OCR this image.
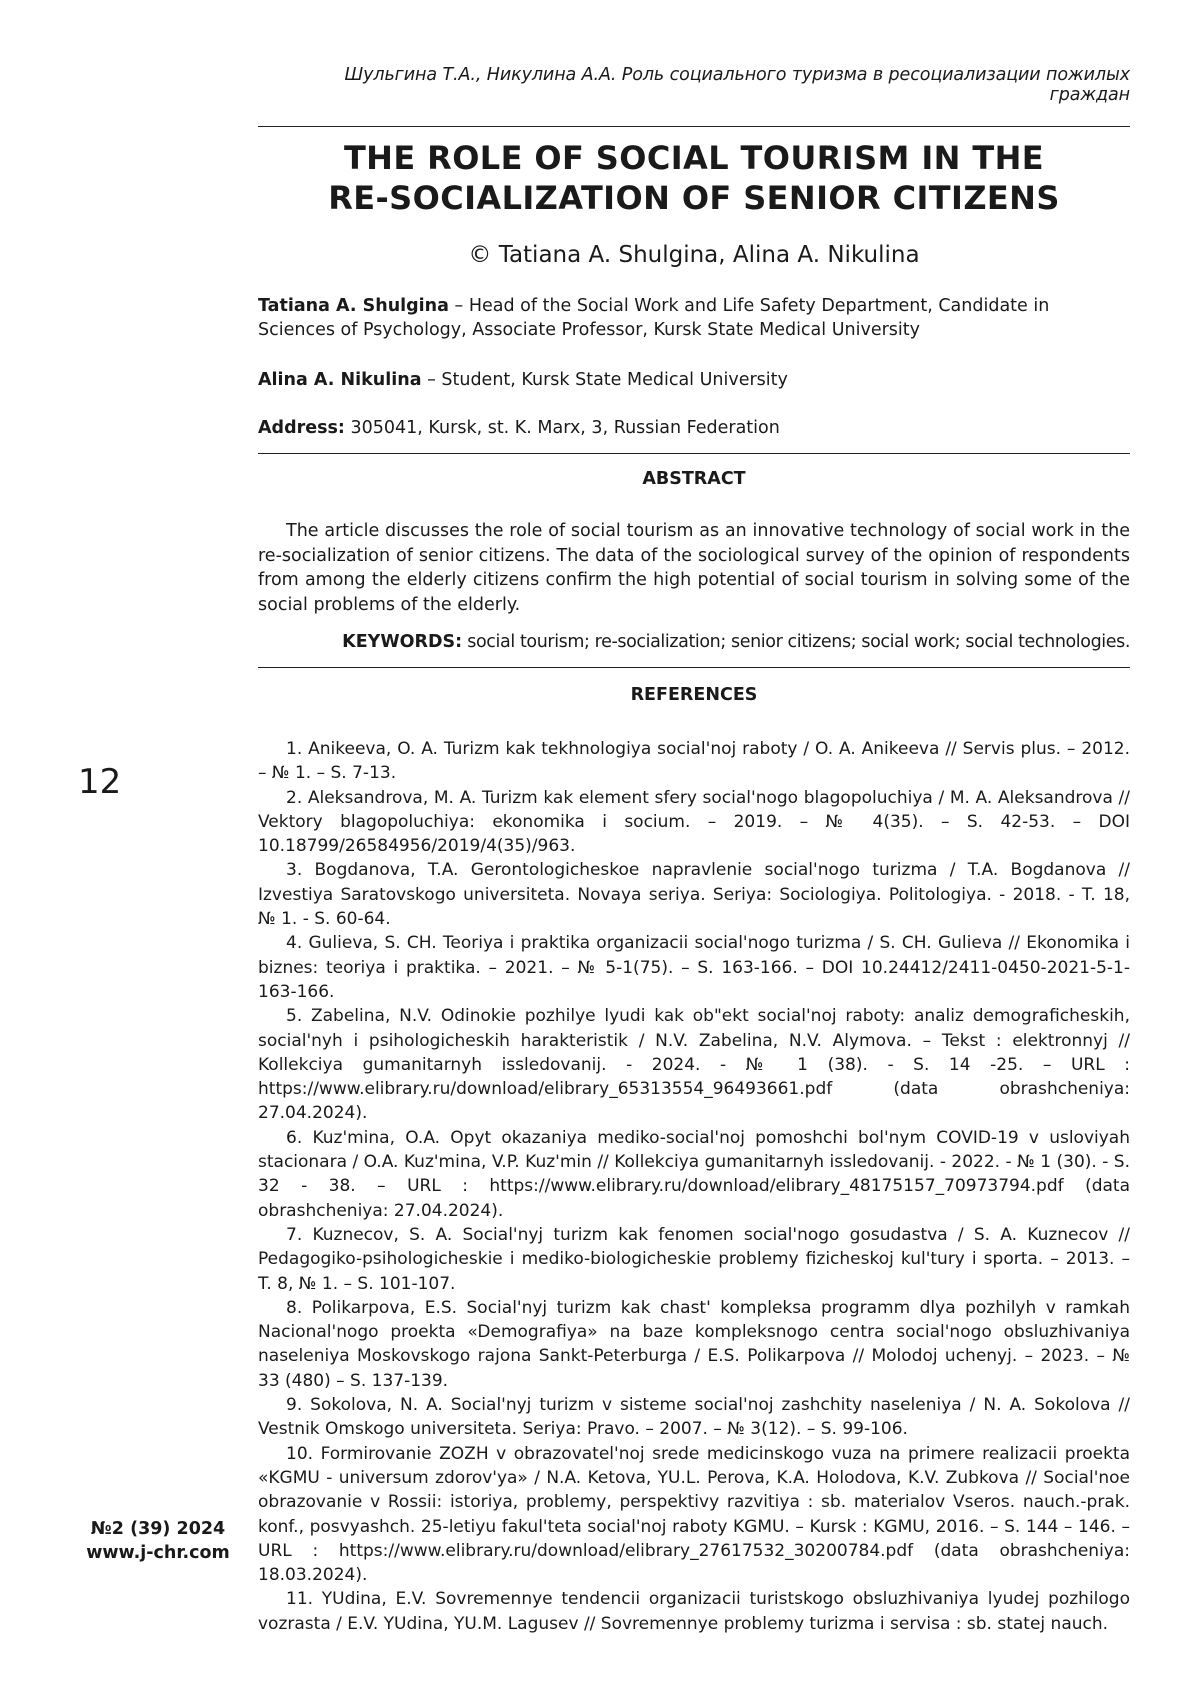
Шульгина Т.А., Никулина А.А. Роль социального туризма в ресоциализации пожилых граждан
THE ROLE OF SOCIAL TOURISM IN THE
RE-SOCIALIZATION OF SENIOR CITIZENS
© Tatiana A. Shulgina, Alina A. Nikulina
Tatiana A. Shulgina – Head of the Social Work and Life Safety Department, Candidate in Sciences of Psychology, Associate Professor, Kursk State Medical University
Alina A. Nikulina – Student, Kursk State Medical University
Address: 305041, Kursk, st. K. Marx, 3, Russian Federation
ABSTRACT

The article discusses the role of social tourism as an innovative technology of social work in the re-socialization of senior citizens. The data of the sociological survey of the opinion of respondents from among the elderly citizens confirm the high potential of social tourism in solving some of the social problems of the elderly.

KEYWORDS: social tourism; re-socialization; senior citizens; social work; social technologies.
REFERENCES
1. Anikeeva, O. A. Turizm kak tekhnologiya social'noj raboty / O. A. Anikeeva // Servis plus. – 2012. – № 1. – S. 7-13.
2. Aleksandrova, M. A. Turizm kak element sfery social'nogo blagopoluchiya / M. A. Aleksandrova // Vektory blagopoluchiya: ekonomika i socium. – 2019. – № 4(35). – S. 42-53. – DOI 10.18799/26584956/2019/4(35)/963.
3. Bogdanova, T.A. Gerontologicheskoe napravlenie social'nogo turizma / T.A. Bogdanova // Izvestiya Saratovskogo universiteta. Novaya seriya. Seriya: Sociologiya. Politologiya. - 2018. - T. 18, № 1. - S. 60-64.
4. Gulieva, S. CH. Teoriya i praktika organizacii social'nogo turizma / S. CH. Gulieva // Ekonomika i biznes: teoriya i praktika. – 2021. – № 5-1(75). – S. 163-166. – DOI 10.24412/2411-0450-2021-5-1-163-166.
5. Zabelina, N.V. Odinokie pozhilye lyudi kak ob"ekt social'noj raboty: analiz demograficheskih, social'nyh i psihologicheskih harakteristik / N.V. Zabelina, N.V. Alymova. – Tekst : elektronnyj // Kollekciya gumanitarnyh issledovanij. - 2024. - № 1 (38). - S. 14 -25. – URL : https://www.elibrary.ru/download/elibrary_65313554_96493661.pdf (data obrashcheniya: 27.04.2024).
6. Kuz'mina, O.A. Opyt okazaniya mediko-social'noj pomoshchi bol'nym COVID-19 v usloviyah stacionara / O.A. Kuz'mina, V.P. Kuz'min // Kollekciya gumanitarnyh issledovanij. - 2022. - № 1 (30). - S. 32 - 38. – URL : https://www.elibrary.ru/download/elibrary_48175157_70973794.pdf (data obrashcheniya: 27.04.2024).
7. Kuznecov, S. A. Social'nyj turizm kak fenomen social'nogo gosudastva / S. A. Kuznecov // Pedagogiko-psihologicheskie i mediko-biologicheskie problemy fizicheskoj kul'tury i sporta. – 2013. – T. 8, № 1. – S. 101-107.
8. Polikarpova, E.S. Social'nyj turizm kak chast' kompleksa programm dlya pozhilyh v ramkah Nacional'nogo proekta «Demografiya» na baze kompleksnogo centra social'nogo obsluzhivaniya naseleniya Moskovskogo rajona Sankt-Peterburga / E.S. Polikarpova // Molodoj uchenyj. – 2023. – № 33 (480) – S. 137-139.
9. Sokolova, N. A. Social'nyj turizm v sisteme social'noj zashchity naseleniya / N. A. Sokolova // Vestnik Omskogo universiteta. Seriya: Pravo. – 2007. – № 3(12). – S. 99-106.
10. Formirovanie ZOZH v obrazovatel'noj srede medicinskogo vuza na primere realizacii proekta «KGMU - universum zdorov'ya» / N.A. Ketova, YU.L. Perova, K.A. Holodova, K.V. Zubkova // Social'noe obrazovanie v Rossii: istoriya, problemy, perspektivy razvitiya : sb. materialov Vseros. nauch.-prak. konf., posvyashch. 25-letiyu fakul'teta social'noj raboty KGMU. – Kursk : KGMU, 2016. – S. 144 – 146. – URL : https://www.elibrary.ru/download/elibrary_27617532_30200784.pdf (data obrashcheniya: 18.03.2024).
11. YUdina, E.V. Sovremennye tendencii organizacii turistskogo obsluzhivaniya lyudej pozhilogo vozrasta / E.V. YUdina, YU.M. Lagusev // Sovremennye problemy turizma i servisa : sb. statej nauch.
12
№2 (39) 2024
www.j-chr.com
